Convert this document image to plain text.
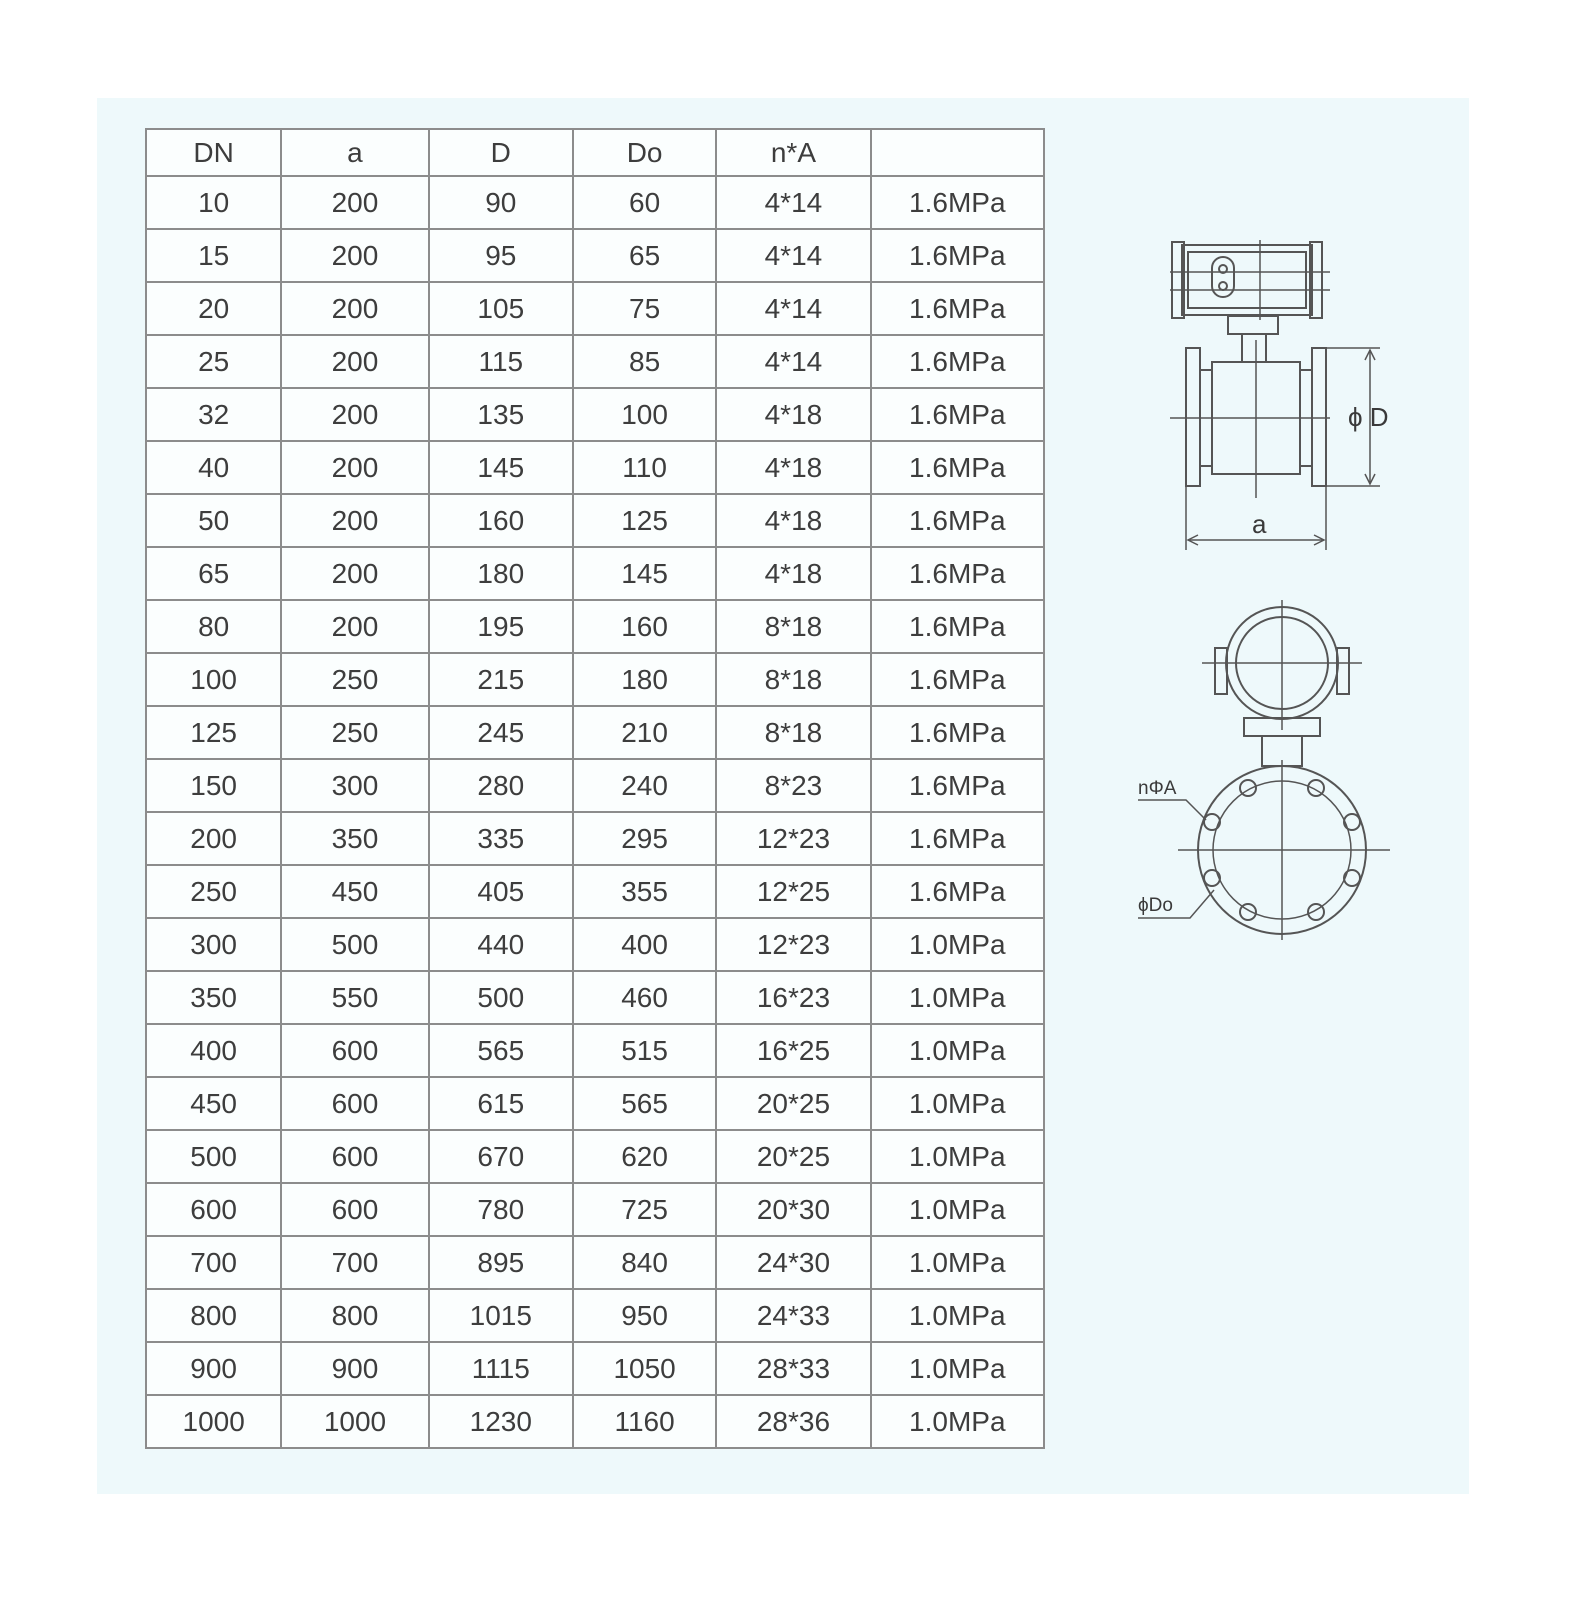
DN	a	D	Do	n*A	
10	200	90	60	4*14	1.6MPa
15	200	95	65	4*14	1.6MPa
20	200	105	75	4*14	1.6MPa
25	200	115	85	4*14	1.6MPa
32	200	135	100	4*18	1.6MPa
40	200	145	110	4*18	1.6MPa
50	200	160	125	4*18	1.6MPa
65	200	180	145	4*18	1.6MPa
80	200	195	160	8*18	1.6MPa
100	250	215	180	8*18	1.6MPa
125	250	245	210	8*18	1.6MPa
150	300	280	240	8*23	1.6MPa
200	350	335	295	12*23	1.6MPa
250	450	405	355	12*25	1.6MPa
300	500	440	400	12*23	1.0MPa
350	550	500	460	16*23	1.0MPa
400	600	565	515	16*25	1.0MPa
450	600	615	565	20*25	1.0MPa
500	600	670	620	20*25	1.0MPa
600	600	780	725	20*30	1.0MPa
700	700	895	840	24*30	1.0MPa
800	800	1015	950	24*33	1.0MPa
900	900	1115	1050	28*33	1.0MPa
1000	1000	1230	1160	28*36	1.0MPa
ϕ D
a
nΦA
ϕDo
